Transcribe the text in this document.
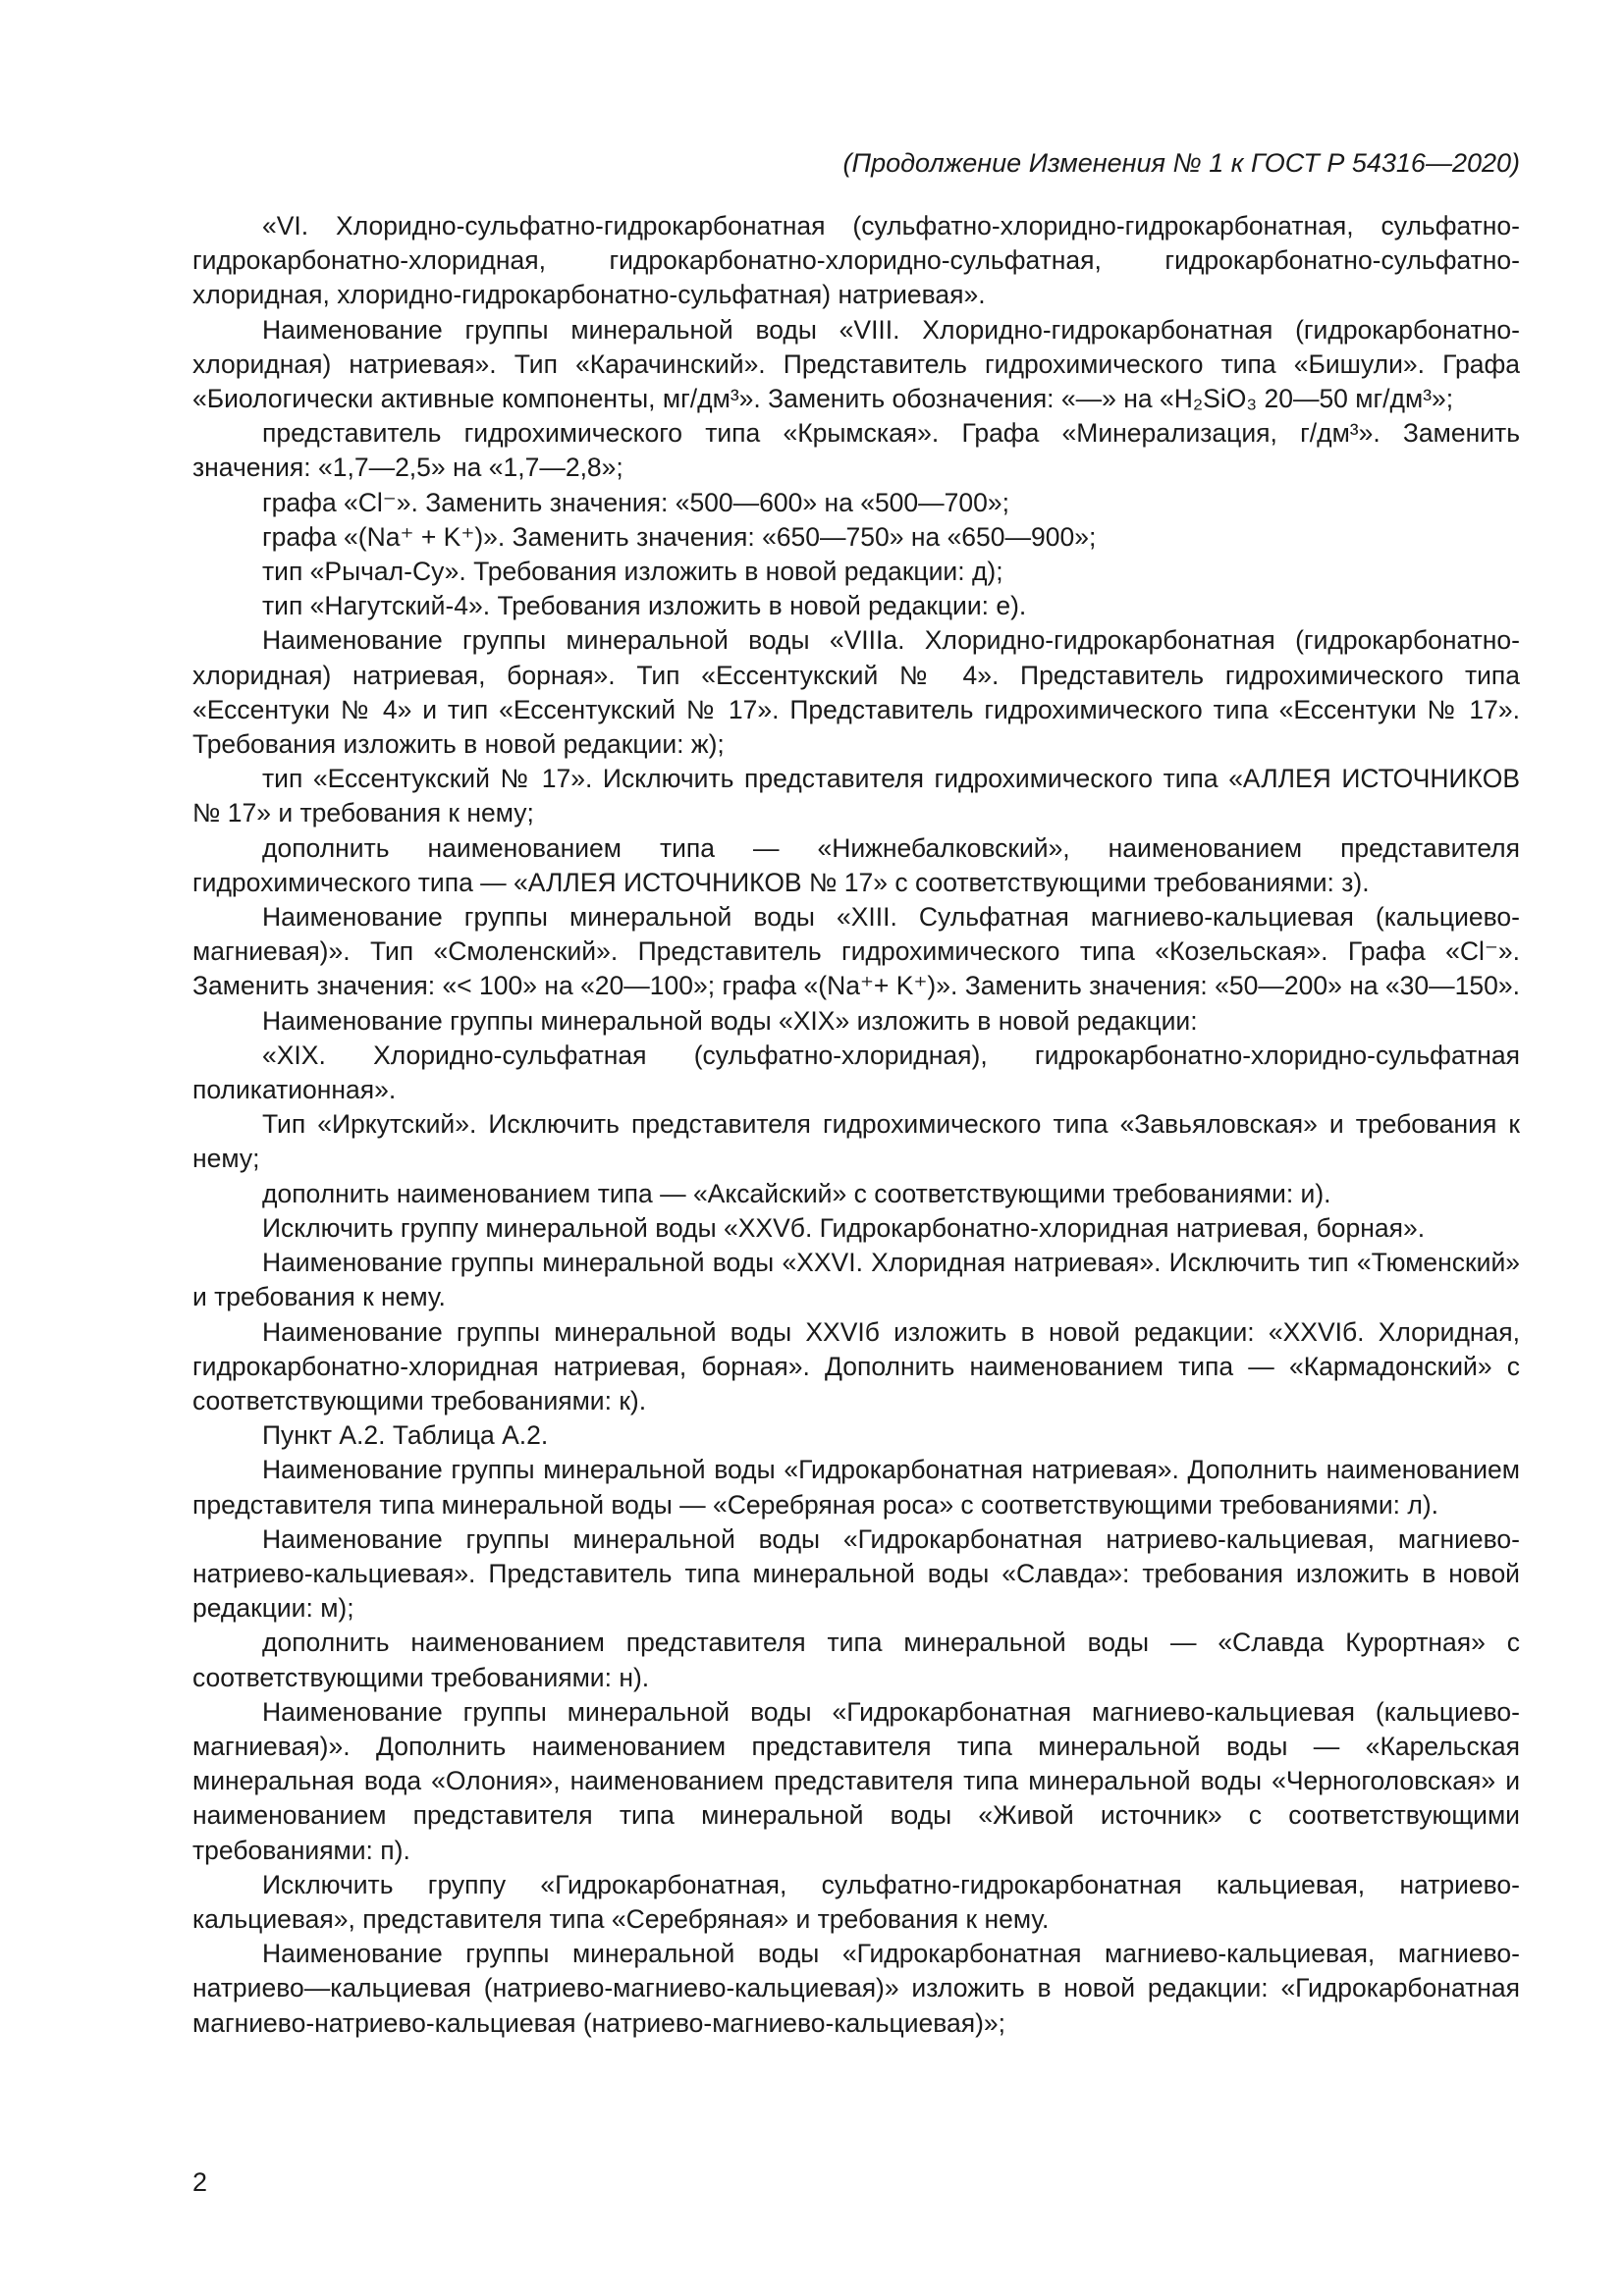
(Продолжение Изменения № 1 к ГОСТ Р 54316—2020)

«VI. Хлоридно-сульфатно-гидрокарбонатная (сульфатно-хлоридно-гидрокарбонатная, сульфатно-гидрокарбонатно-хлоридная, гидрокарбонатно-хлоридно-сульфатная, гидрокарбонатно-сульфатно-хлоридная, хлоридно-гидрокарбонатно-сульфатная) натриевая».

Наименование группы минеральной воды «VIII. Хлоридно-гидрокарбонатная (гидрокарбонатно-хлоридная) натриевая». Тип «Карачинский». Представитель гидрохимического типа «Бишули». Графа «Биологически активные компоненты, мг/дм³». Заменить обозначения: «—» на «H₂SiO₃ 20—50 мг/дм³»;

представитель гидрохимического типа «Крымская». Графа «Минерализация, г/дм³». Заменить значения: «1,7—2,5» на «1,7—2,8»;

графа «Cl⁻». Заменить значения: «500—600» на «500—700»;

графа «(Na⁺ + K⁺)». Заменить значения: «650—750» на «650—900»;

тип «Рычал-Су». Требования изложить в новой редакции: д);

тип «Нагутский-4». Требования изложить в новой редакции: е).

Наименование группы минеральной воды «VIIIа. Хлоридно-гидрокарбонатная (гидрокарбонатно-хлоридная) натриевая, борная». Тип «Ессентукский № 4». Представитель гидрохимического типа «Ессентуки № 4» и тип «Ессентукский № 17». Представитель гидрохимического типа «Ессентуки № 17». Требования изложить в новой редакции: ж);

тип «Ессентукский № 17». Исключить представителя гидрохимического типа «АЛЛЕЯ ИСТОЧНИКОВ № 17» и требования к нему;

дополнить наименованием типа — «Нижнебалковский», наименованием представителя гидрохимического типа — «АЛЛЕЯ ИСТОЧНИКОВ № 17» с соответствующими требованиями: з).

Наименование группы минеральной воды «XIII. Сульфатная магниево-кальциевая (кальциево-магниевая)». Тип «Смоленский». Представитель гидрохимического типа «Козельская». Графа «Cl⁻». Заменить значения: «< 100» на «20—100»; графа «(Na⁺+ K⁺)». Заменить значения: «50—200» на «30—150».

Наименование группы минеральной воды «XIX» изложить в новой редакции:

«XIX. Хлоридно-сульфатная (сульфатно-хлоридная), гидрокарбонатно-хлоридно-сульфатная поликатионная».

Тип «Иркутский». Исключить представителя гидрохимического типа «Завьяловская» и требования к нему;

дополнить наименованием типа — «Аксайский» с соответствующими требованиями: и).

Исключить группу минеральной воды «XXVб. Гидрокарбонатно-хлоридная натриевая, борная».

Наименование группы минеральной воды «XXVI. Хлоридная натриевая». Исключить тип «Тюменский» и требования к нему.

Наименование группы минеральной воды XXVIб изложить в новой редакции: «XXVIб. Хлоридная, гидрокарбонатно-хлоридная натриевая, борная». Дополнить наименованием типа — «Кармадонский» с соответствующими требованиями: к).

Пункт А.2. Таблица А.2.

Наименование группы минеральной воды «Гидрокарбонатная натриевая». Дополнить наименованием представителя типа минеральной воды — «Серебряная роса» с соответствующими требованиями: л).

Наименование группы минеральной воды «Гидрокарбонатная натриево-кальциевая, магниево-натриево-кальциевая». Представитель типа минеральной воды «Славда»: требования изложить в новой редакции: м);

дополнить наименованием представителя типа минеральной воды — «Славда Курортная» с соответствующими требованиями: н).

Наименование группы минеральной воды «Гидрокарбонатная магниево-кальциевая (кальциево-магниевая)». Дополнить наименованием представителя типа минеральной воды — «Карельская минеральная вода «Олония», наименованием представителя типа минеральной воды «Черноголовская» и наименованием представителя типа минеральной воды «Живой источник» с соответствующими требованиями: п).

Исключить группу «Гидрокарбонатная, сульфатно-гидрокарбонатная кальциевая, натриево-кальциевая», представителя типа «Серебряная» и требования к нему.

Наименование группы минеральной воды «Гидрокарбонатная магниево-кальциевая, магниево-натриево—кальциевая (натриево-магниево-кальциевая)» изложить в новой редакции: «Гидрокарбонатная магниево-натриево-кальциевая (натриево-магниево-кальциевая)»;

2
